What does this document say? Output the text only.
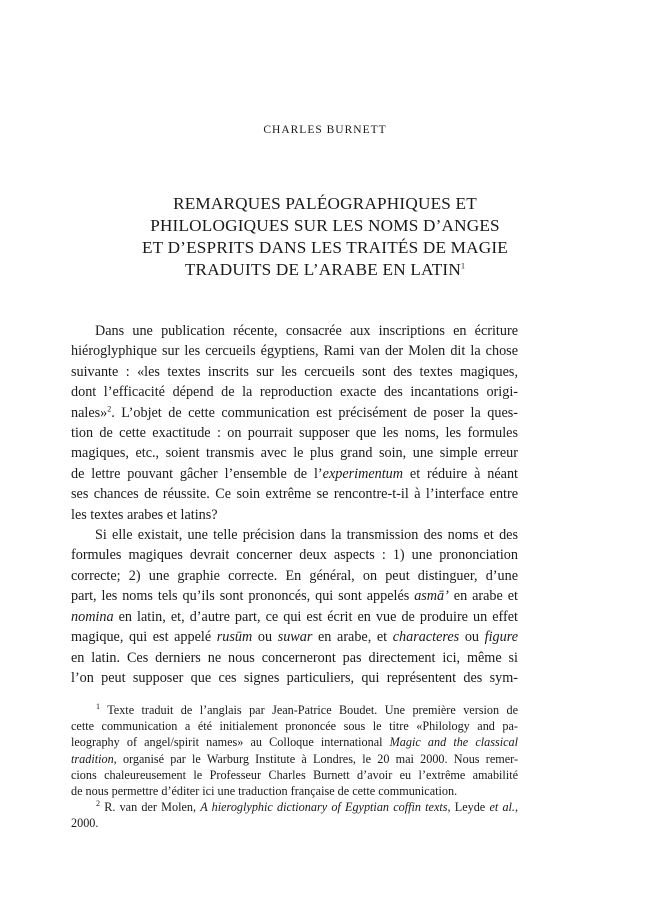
CHARLES BURNETT
REMARQUES PALÉOGRAPHIQUES ET
PHILOLOGIQUES SUR LES NOMS D’ANGES
ET D’ESPRITS DANS LES TRAITÉS DE MAGIE
TRADUITS DE L’ARABE EN LATIN$^1$
Dans une publication récente, consacrée aux inscriptions en écriture
hiéroglyphique sur les cercueils égyptiens, Rami van der Molen dit la chose
suivante : «les textes inscrits sur les cercueils sont des textes magiques,
dont l’efficacité dépend de la reproduction exacte des incantations origi-
nales»$^2$. L’objet de cette communication est précisément de poser la ques-
tion de cette exactitude : on pourrait supposer que les noms, les formules
magiques, etc., soient transmis avec le plus grand soin, une simple erreur
de lettre pouvant gâcher l’ensemble de l’experimentum et réduire à néant
ses chances de réussite. Ce soin extrême se rencontre-t-il à l’interface entre
les textes arabes et latins?
Si elle existait, une telle précision dans la transmission des noms et des
formules magiques devrait concerner deux aspects : 1) une prononciation
correcte; 2) une graphie correcte. En général, on peut distinguer, d’une
part, les noms tels qu’ils sont prononcés, qui sont appelés asmā’ en arabe et
nomina en latin, et, d’autre part, ce qui est écrit en vue de produire un effet
magique, qui est appelé rusūm ou suwar en arabe, et characteres ou figure
en latin. Ces derniers ne nous concerneront pas directement ici, même si
l’on peut supposer que ces signes particuliers, qui représentent des sym-
$^1$ Texte traduit de l’anglais par Jean-Patrice Boudet. Une première version de
cette communication a été initialement prononcée sous le titre «Philology and pa-
leography of angel/spirit names» au Colloque international Magic and the classical
tradition, organisé par le Warburg Institute à Londres, le 20 mai 2000. Nous remer-
cions chaleureusement le Professeur Charles Burnett d’avoir eu l’extrême amabilité
de nous permettre d’éditer ici une traduction française de cette communication.
$^2$ R. van der Molen, A hieroglyphic dictionary of Egyptian coffin texts, Leyde et al.,
2000.
